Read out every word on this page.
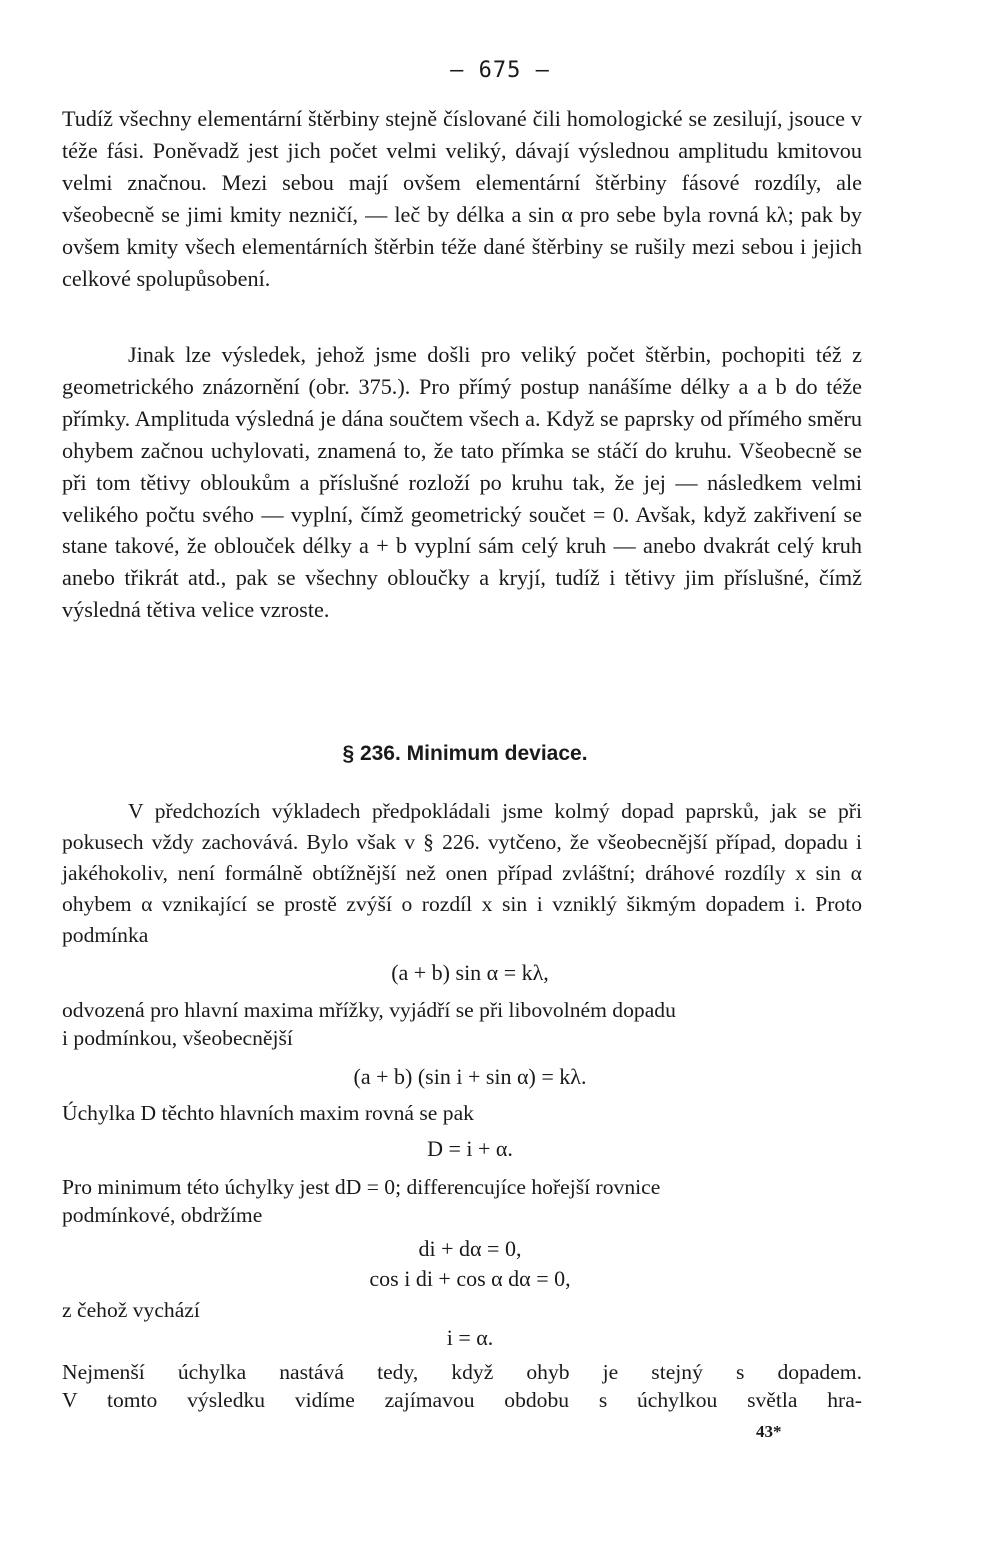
— 675 —

Tudíž všechny elementární štěrbiny stejně číslované čili homologické se zesilují, jsouce v téže fási. Poněvadž jest jich počet velmi veliký, dávají výslednou amplitudu kmitovou velmi značnou. Mezi sebou mají ovšem elementární štěrbiny fásové rozdíly, ale všeobecně se jimi kmity nezničí, — leč by délka a sin α pro sebe byla rovná kλ; pak by ovšem kmity všech elementárních štěrbin téže dané štěrbiny se rušily mezi sebou i jejich celkové spolupůsobení.

Jinak lze výsledek, jehož jsme došli pro veliký počet štěrbin, pochopiti též z geometrického znázornění (obr. 375.). Pro přímý postup nanášíme délky a a b do téže přímky. Amplituda výsledná je dána součtem všech a. Když se paprsky od přímého směru ohybem začnou uchylovati, znamená to, že tato přímka se stáčí do kruhu. Všeobecně se při tom tětivy obloukům a příslušné rozloží po kruhu tak, že jej — následkem velmi velikého počtu svého — vyplní, čímž geometrický součet = 0. Avšak, když zakřivení se stane takové, že oblouček délky a + b vyplní sám celý kruh — anebo dvakrát celý kruh anebo třikrát atd., pak se všechny obloučky a kryjí, tudíž i tětivy jim příslušné, čímž výsledná tětiva velice vzroste.

§ 236. Minimum deviace.

V předchozích výkladech předpokládali jsme kolmý dopad paprsků, jak se při pokusech vždy zachovává. Bylo však v § 226. vytčeno, že všeobecnější případ, dopadu i jakéhokoliv, není formálně obtížnější než onen případ zvláštní; dráhové rozdíly x sin α ohybem α vznikající se prostě zvýší o rozdíl x sin i vzniklý šikmým dopadem i. Proto podmínka

(a + b) sin α = kλ,
odvozená pro hlavní maxima mřížky, vyjádří se při libovolném dopadu
i podmínkou, všeobecnější
(a + b) (sin i + sin α) = kλ.
Úchylka D těchto hlavních maxim rovná se pak
D = i + α.
Pro minimum této úchylky jest dD = 0; differencujíce hořejší rovnice
podmínkové, obdržíme
di + dα = 0,
cos i di + cos α dα = 0,
z čehož vychází
i = α.
Nejmenší úchylka nastává tedy, když ohyb je stejný s dopadem.
V tomto výsledku vidíme zajímavou obdobu s úchylkou světla hra-
43*
